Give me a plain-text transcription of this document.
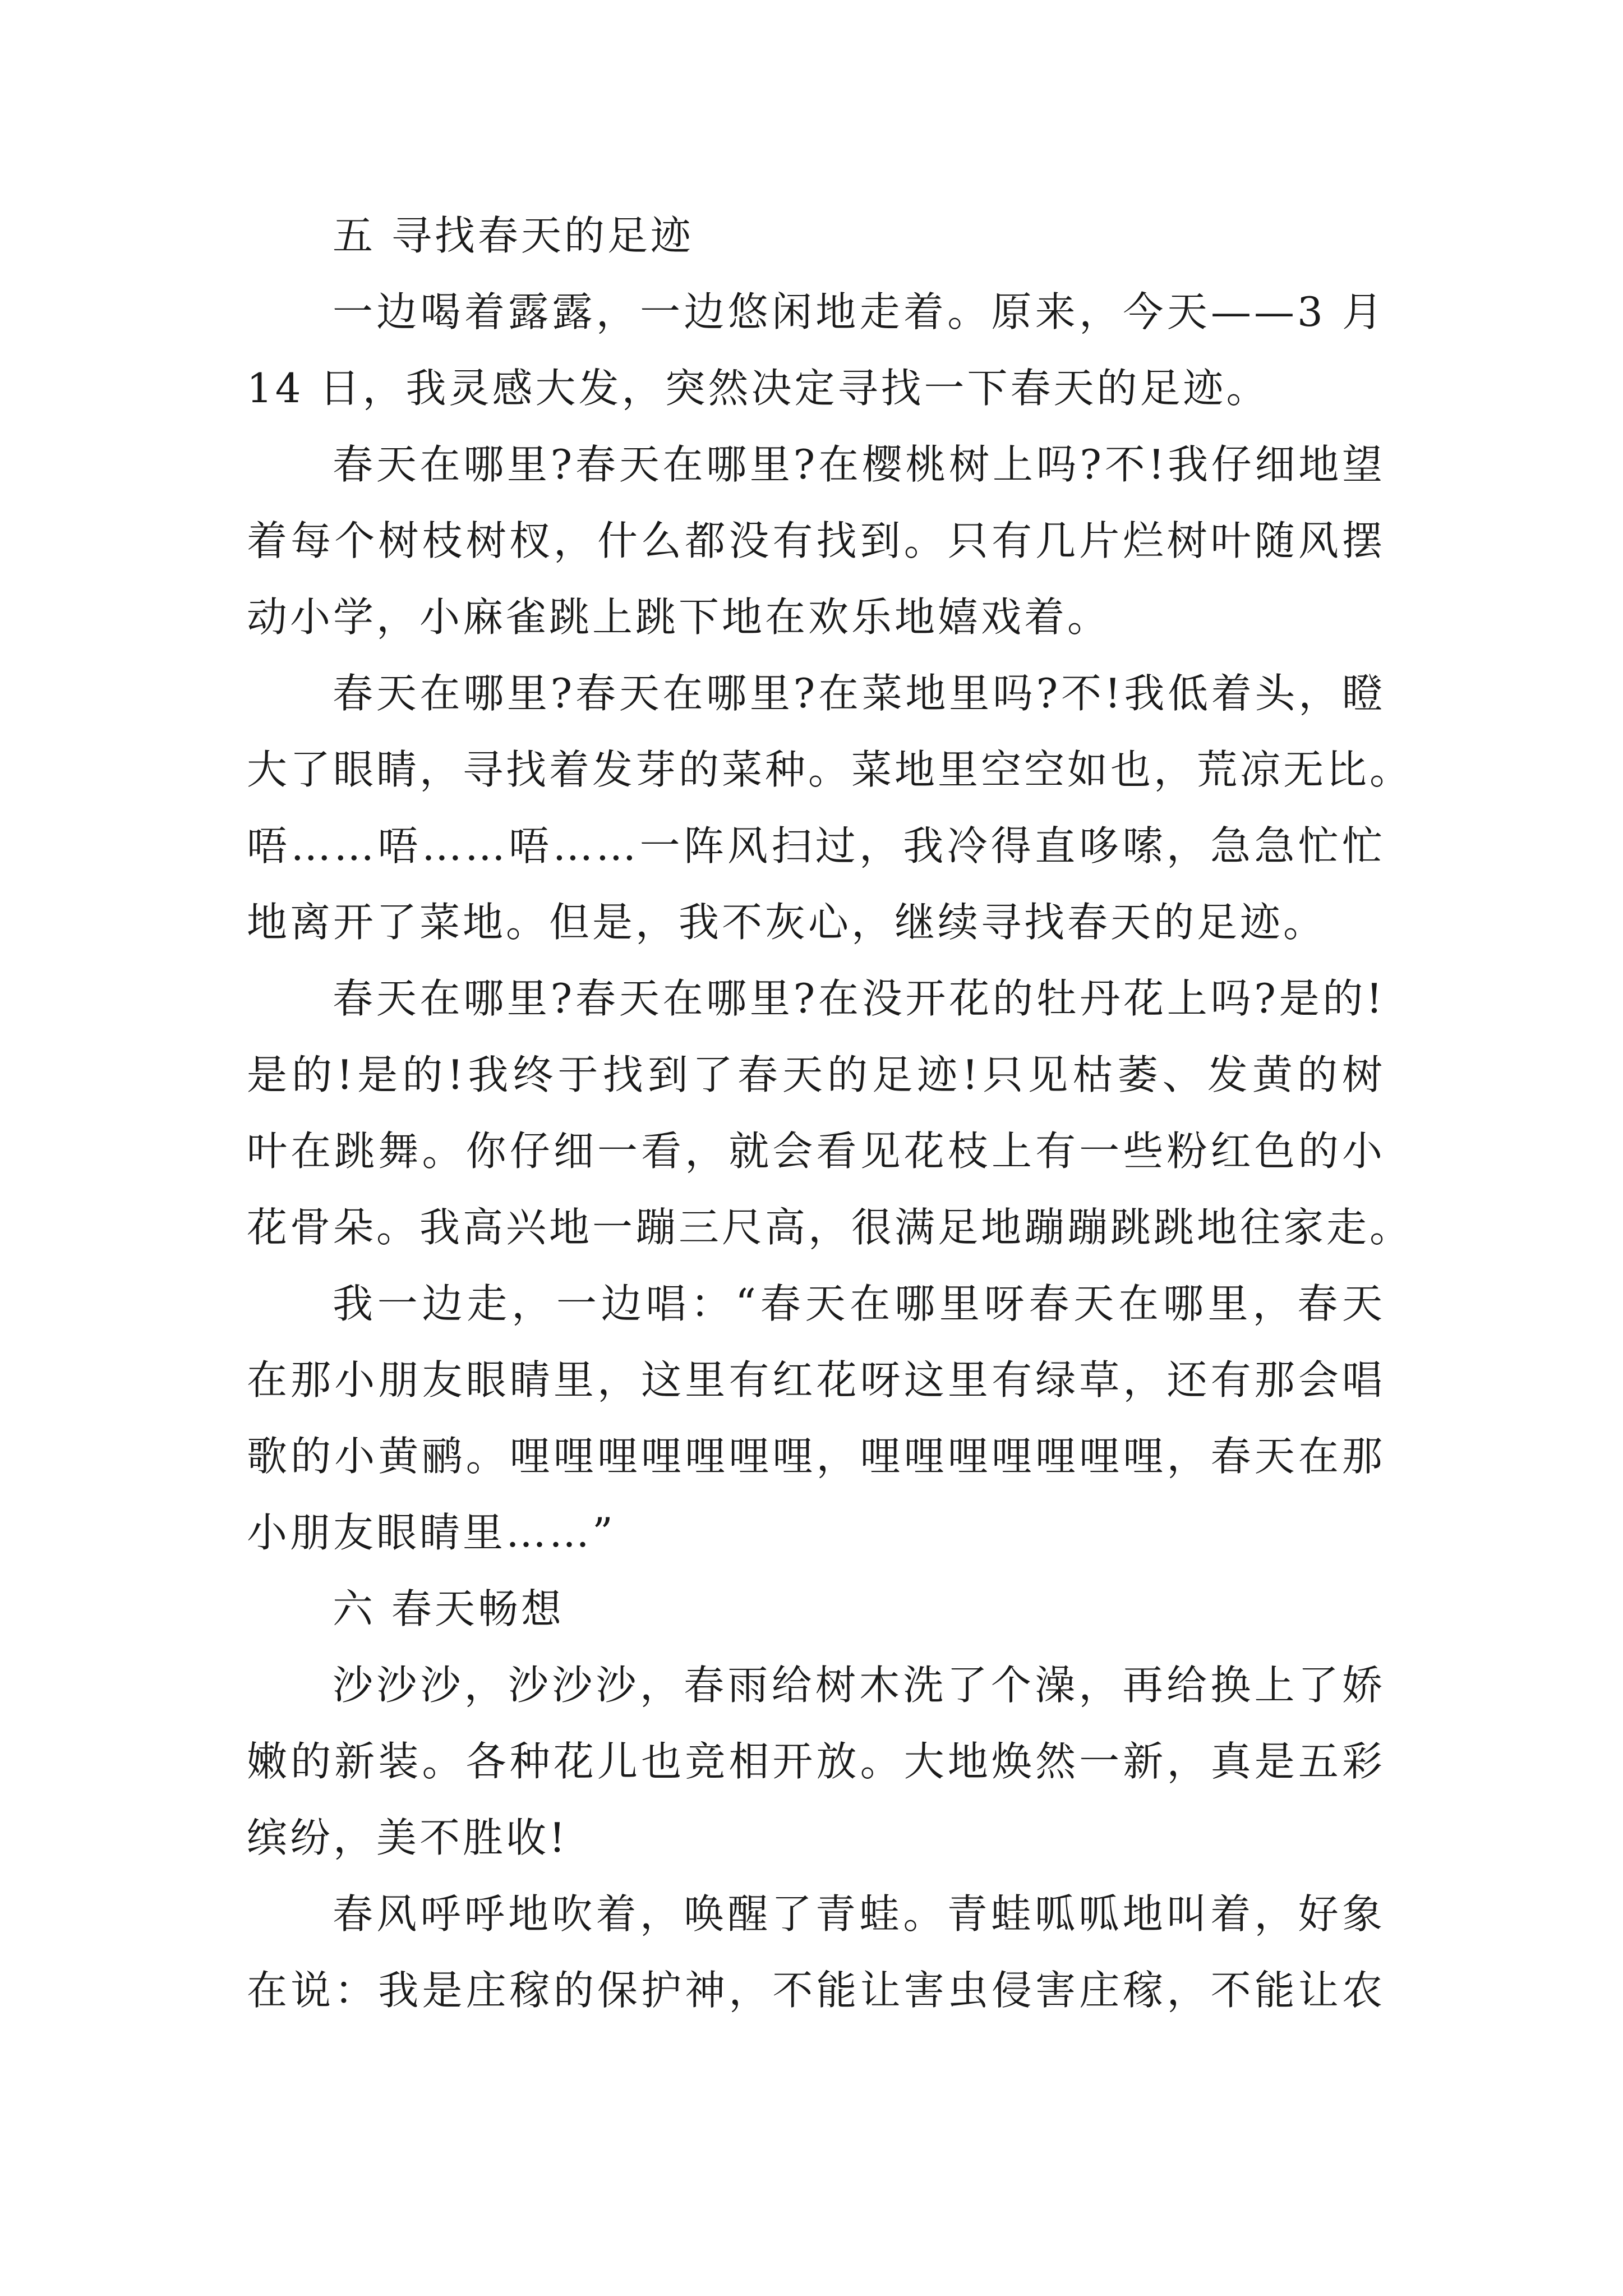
五 寻找春天的足迹
一边喝着露露，一边悠闲地走着。原来，今天——3 月
14 日，我灵感大发，突然决定寻找一下春天的足迹。
春天在哪里?春天在哪里?在樱桃树上吗?不!我仔细地望
着每个树枝树杈，什么都没有找到。只有几片烂树叶随风摆
动小学，小麻雀跳上跳下地在欢乐地嬉戏着。
春天在哪里?春天在哪里?在菜地里吗?不!我低着头，瞪
大了眼睛，寻找着发芽的菜种。菜地里空空如也，荒凉无比。
唔……唔……唔……一阵风扫过，我冷得直哆嗦，急急忙忙
地离开了菜地。但是，我不灰心，继续寻找春天的足迹。
春天在哪里?春天在哪里?在没开花的牡丹花上吗?是的!
是的!是的!我终于找到了春天的足迹!只见枯萎、发黄的树
叶在跳舞。你仔细一看，就会看见花枝上有一些粉红色的小
花骨朵。我高兴地一蹦三尺高，很满足地蹦蹦跳跳地往家走。
我一边走，一边唱：“春天在哪里呀春天在哪里，春天
在那小朋友眼睛里，这里有红花呀这里有绿草，还有那会唱
歌的小黄鹂。哩哩哩哩哩哩哩，哩哩哩哩哩哩哩，春天在那
小朋友眼睛里……”
六 春天畅想
沙沙沙，沙沙沙，春雨给树木洗了个澡，再给换上了娇
嫩的新装。各种花儿也竞相开放。大地焕然一新，真是五彩
缤纷，美不胜收!
春风呼呼地吹着，唤醒了青蛙。青蛙呱呱地叫着，好象
在说：我是庄稼的保护神，不能让害虫侵害庄稼，不能让农
